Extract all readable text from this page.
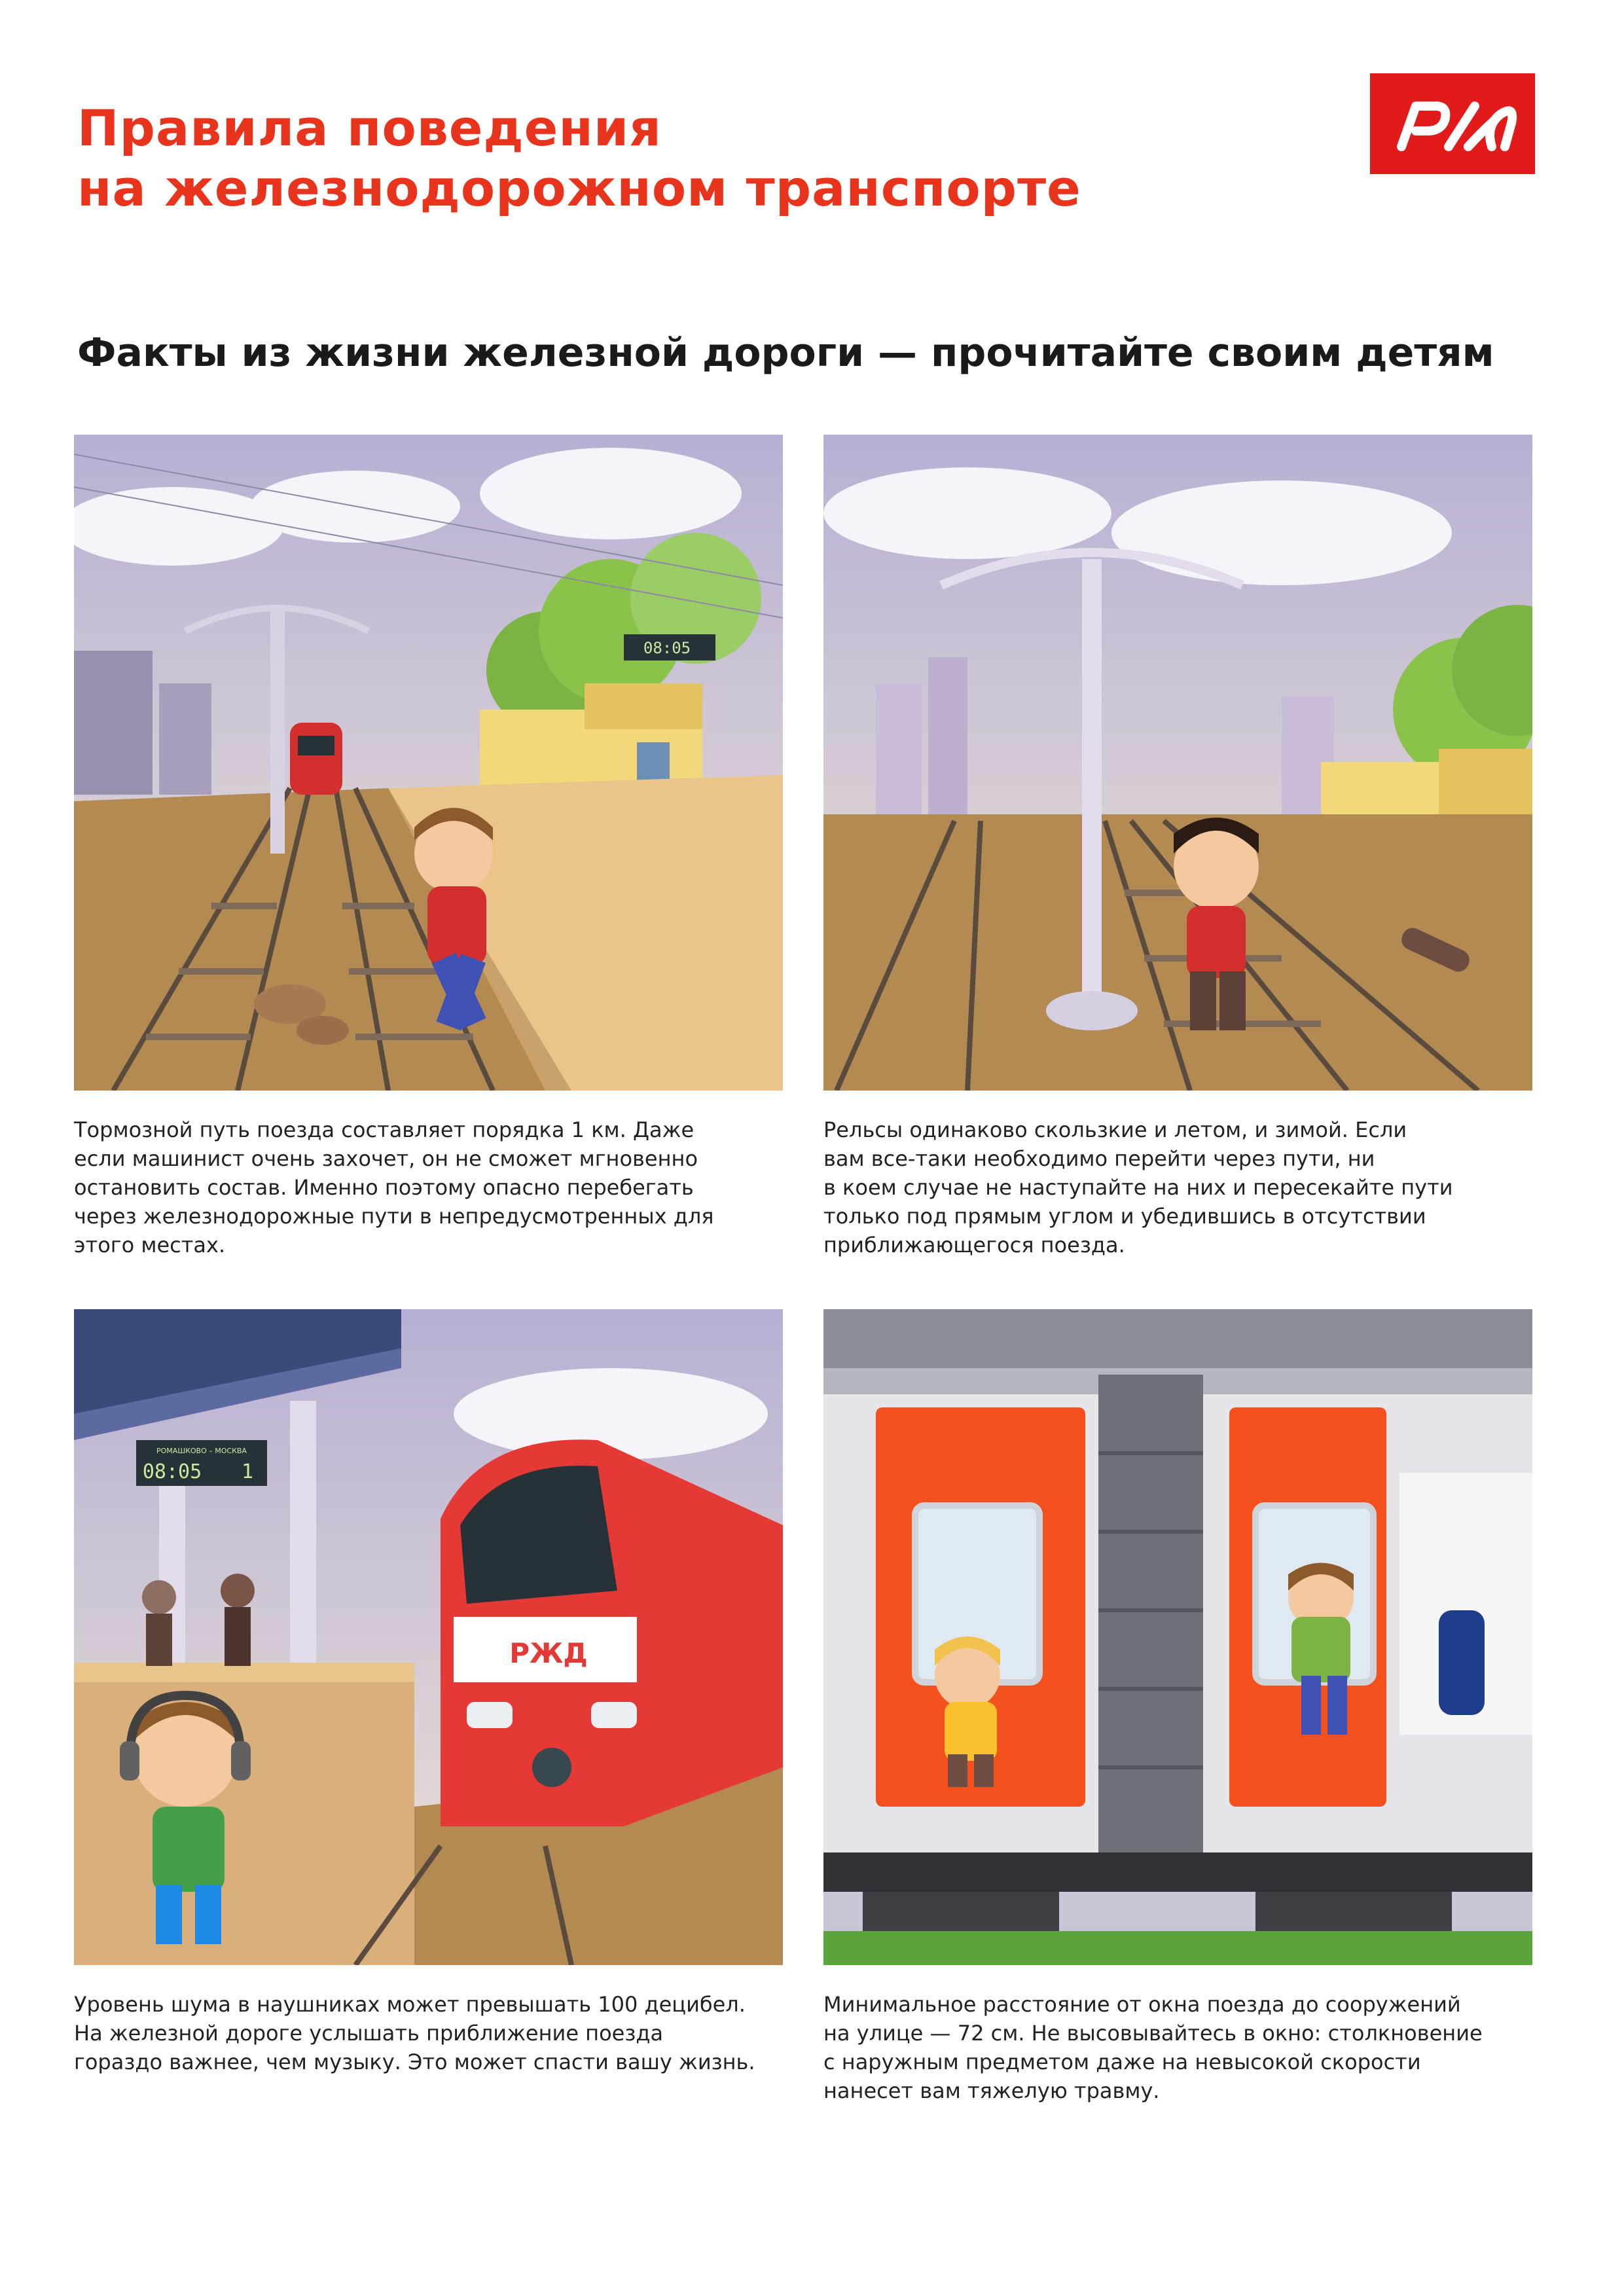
Правила поведения
на железнодорожном транспорте
Факты из жизни железной дороги — прочитайте своим детям
08:05
РОМАШКОВО – МОСКВА
08:05 1
РЖД
Тормозной путь поезда составляет порядка 1 км. Даже
если машинист очень захочет, он не сможет мгновенно
остановить состав. Именно поэтому опасно перебегать
через железнодорожные пути в непредусмотренных для
этого местах.
Рельсы одинаково скользкие и летом, и зимой. Если
вам все-таки необходимо перейти через пути, ни
в коем случае не наступайте на них и пересекайте пути
только под прямым углом и убедившись в отсутствии
приближающегося поезда.
Уровень шума в наушниках может превышать 100 децибел.
На железной дороге услышать приближение поезда
гораздо важнее, чем музыку. Это может спасти вашу жизнь.
Минимальное расстояние от окна поезда до сооружений
на улице — 72 см. Не высовывайтесь в окно: столкновение
с наружным предметом даже на невысокой скорости
нанесет вам тяжелую травму.
